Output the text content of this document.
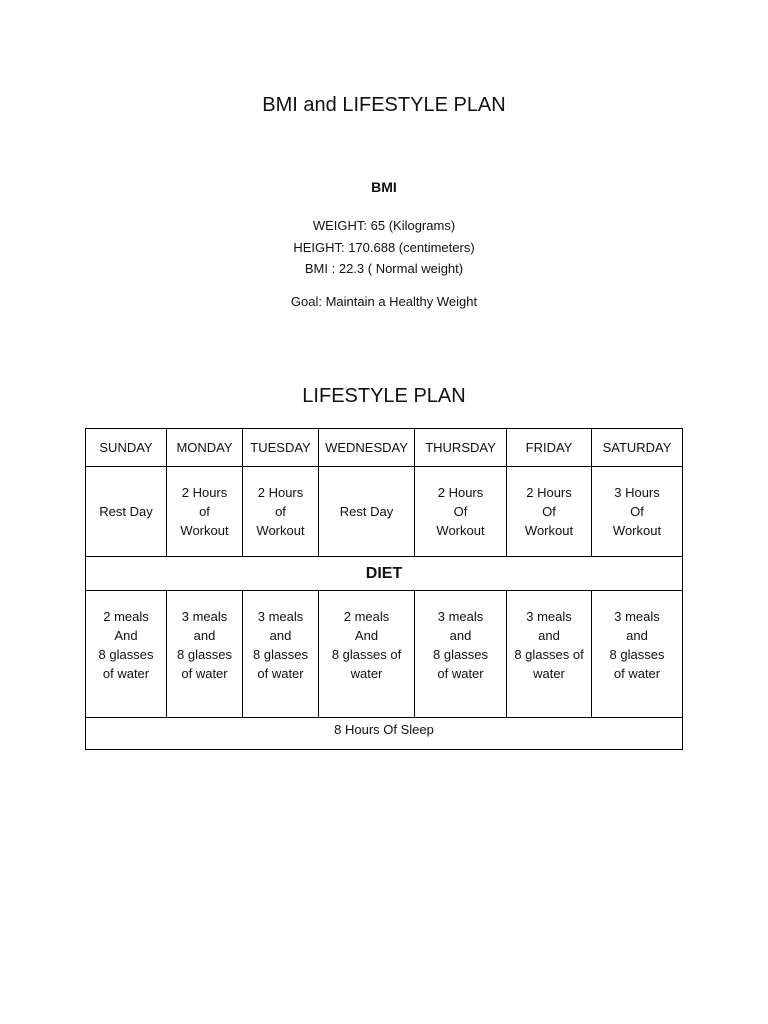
BMI and LIFESTYLE PLAN
BMI
WEIGHT: 65 (Kilograms)
HEIGHT: 170.688 (centimeters)
BMI : 22.3 ( Normal weight)
Goal: Maintain a Healthy Weight
LIFESTYLE PLAN
SUNDAY	MONDAY	TUESDAY	WEDNESDAY	THURSDAY	FRIDAY	SATURDAY

Rest Day	2 Hours
of
Workout	2 Hours
of
Workout	Rest Day	2 Hours
Of
Workout	2 Hours
Of
Workout	3 Hours
Of
Workout

DIET						

2 meals
And
8 glasses
of water	3 meals
and
8 glasses
of water	3 meals
and
8 glasses
of water	2 meals
And
8 glasses of
water	3 meals
and
8 glasses
of water	3 meals
and
8 glasses of
water	3 meals
and
8 glasses
of water

8 Hours Of Sleep						
